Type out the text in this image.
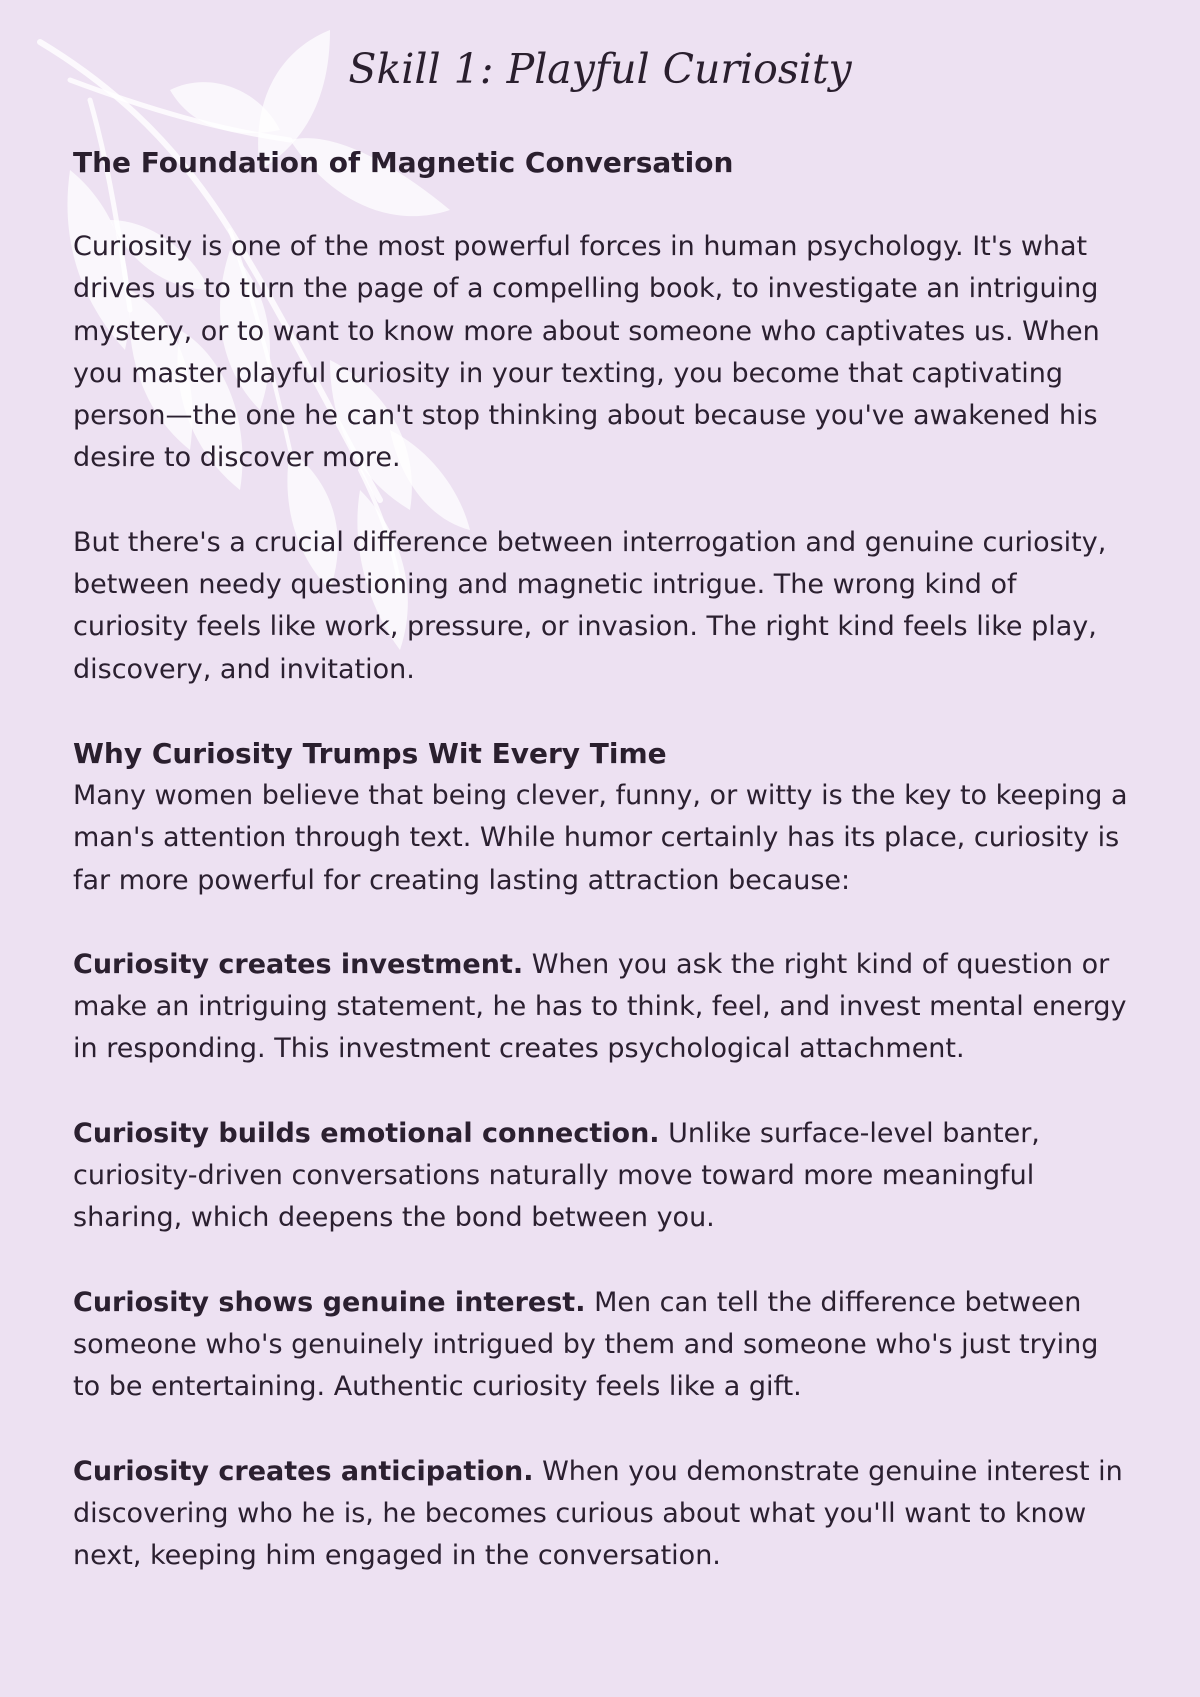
Skill 1: Playful Curiosity
The Foundation of Magnetic Conversation

Curiosity is one of the most powerful forces in human psychology. It's what drives us to turn the page of a compelling book, to investigate an intriguing mystery, or to want to know more about someone who captivates us. When you master playful curiosity in your texting, you become that captivating person—the one he can't stop thinking about because you've awakened his desire to discover more.

But there's a crucial difference between interrogation and genuine curiosity, between needy questioning and magnetic intrigue. The wrong kind of curiosity feels like work, pressure, or invasion. The right kind feels like play, discovery, and invitation.

Why Curiosity Trumps Wit Every Time

Many women believe that being clever, funny, or witty is the key to keeping a man's attention through text. While humor certainly has its place, curiosity is far more powerful for creating lasting attraction because:

Curiosity creates investment. When you ask the right kind of question or make an intriguing statement, he has to think, feel, and invest mental energy in responding. This investment creates psychological attachment.

Curiosity builds emotional connection. Unlike surface-level banter, curiosity-driven conversations naturally move toward more meaningful sharing, which deepens the bond between you.

Curiosity shows genuine interest. Men can tell the difference between someone who's genuinely intrigued by them and someone who's just trying to be entertaining. Authentic curiosity feels like a gift.

Curiosity creates anticipation. When you demonstrate genuine interest in discovering who he is, he becomes curious about what you'll want to know next, keeping him engaged in the conversation.
